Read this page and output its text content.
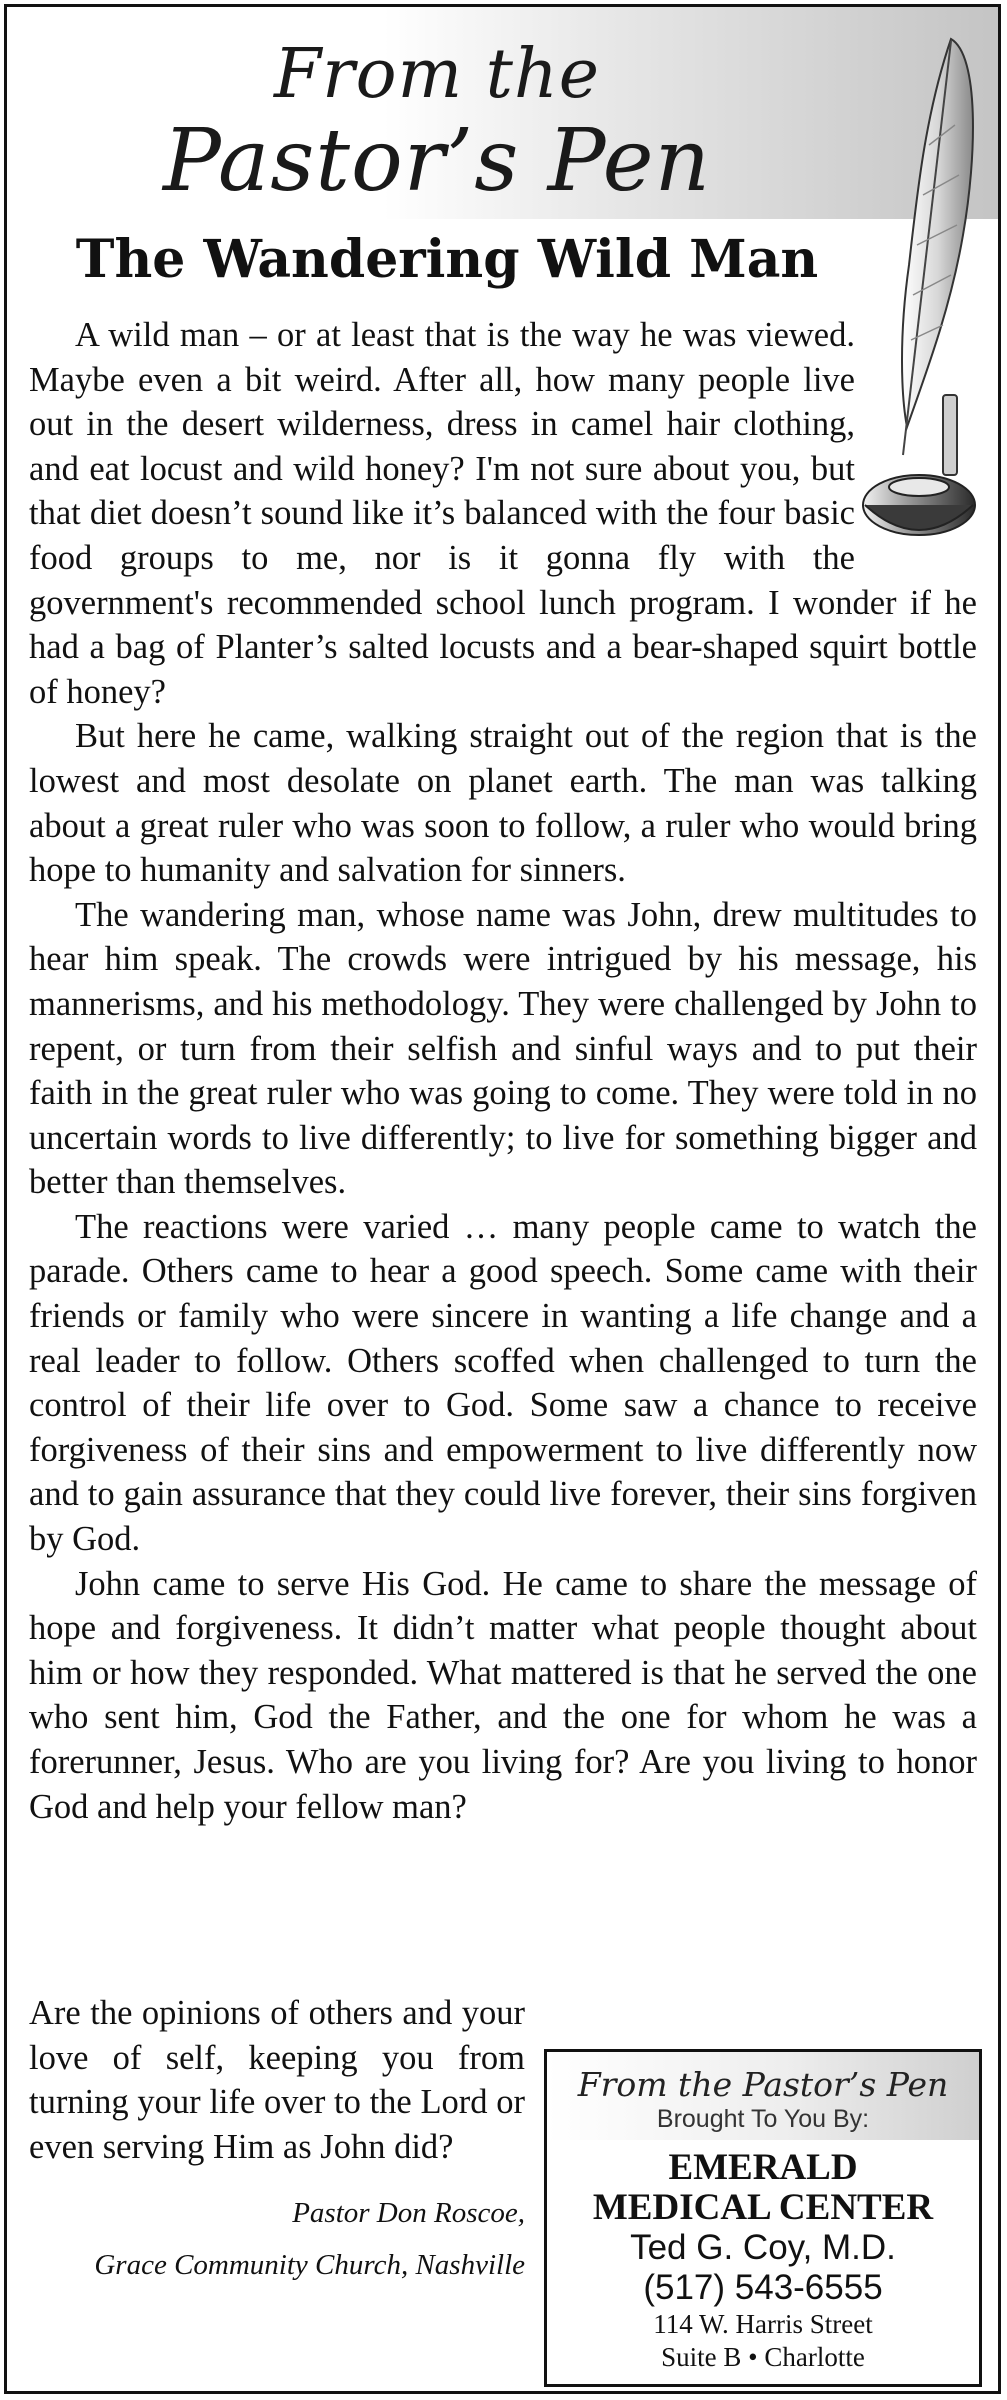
From the
Pastor’s Pen
The Wandering Wild Man

A wild man – or at least that is the way he was viewed. Maybe even a bit weird. After all, how many people live out in the desert wilderness, dress in camel hair clothing, and eat locust and wild honey? I'm not sure about you, but that diet doesn’t sound like it’s balanced with the four basic food groups to me, nor is it gonna fly with the government's recommended school lunch program. I wonder if he had a bag of Planter’s salted locusts and a bear-shaped squirt bottle of honey?

But here he came, walking straight out of the region that is the lowest and most desolate on planet earth. The man was talking about a great ruler who was soon to follow, a ruler who would bring hope to humanity and salvation for sinners.

The wandering man, whose name was John, drew multitudes to hear him speak. The crowds were intrigued by his message, his mannerisms, and his methodology. They were challenged by John to repent, or turn from their selfish and sinful ways and to put their faith in the great ruler who was going to come. They were told in no uncertain words to live differently; to live for something bigger and better than themselves.

The reactions were varied … many people came to watch the parade. Others came to hear a good speech. Some came with their friends or family who were sincere in wanting a life change and a real leader to follow. Others scoffed when challenged to turn the control of their life over to God. Some saw a chance to receive forgiveness of their sins and empowerment to live differently now and to gain assurance that they could live forever, their sins forgiven by God.

John came to serve His God. He came to share the message of hope and forgiveness. It didn’t matter what people thought about him or how they responded. What mattered is that he served the one who sent him, God the Father, and the one for whom he was a forerunner, Jesus. Who are you living for? Are you living to honor God and help your fellow man?

Are the opinions of others and your love of self, keeping you from turning your life over to the Lord or even serving Him as John did?
Pastor Don Roscoe,
Grace Community Church, Nashville
From the Pastor’s Pen
Brought To You By:
EMERALD
MEDICAL CENTER
Ted G. Coy, M.D.
(517) 543-6555
114 W. Harris Street
Suite B • Charlotte
